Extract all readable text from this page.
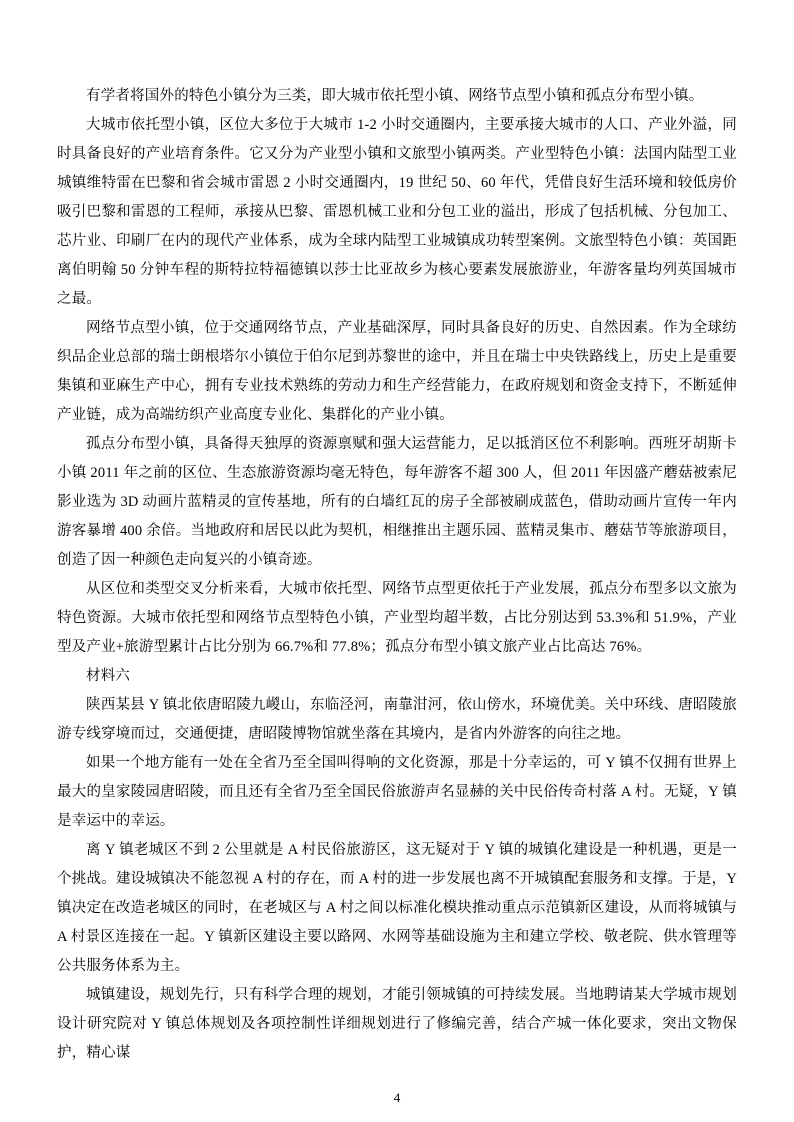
有学者将国外的特色小镇分为三类，即大城市依托型小镇、网络节点型小镇和孤点分布型小镇。

大城市依托型小镇，区位大多位于大城市 1-2 小时交通圈内，主要承接大城市的人口、产业外溢，同时具备良好的产业培育条件。它又分为产业型小镇和文旅型小镇两类。产业型特色小镇：法国内陆型工业城镇维特雷在巴黎和省会城市雷恩 2 小时交通圈内，19 世纪 50、60 年代，凭借良好生活环境和较低房价吸引巴黎和雷恩的工程师，承接从巴黎、雷恩机械工业和分包工业的溢出，形成了包括机械、分包加工、芯片业、印刷厂在内的现代产业体系，成为全球内陆型工业城镇成功转型案例。文旅型特色小镇：英国距离伯明翰 50 分钟车程的斯特拉特福德镇以莎士比亚故乡为核心要素发展旅游业，年游客量均列英国城市之最。

网络节点型小镇，位于交通网络节点，产业基础深厚，同时具备良好的历史、自然因素。作为全球纺织品企业总部的瑞士朗根塔尔小镇位于伯尔尼到苏黎世的途中，并且在瑞士中央铁路线上，历史上是重要集镇和亚麻生产中心，拥有专业技术熟练的劳动力和生产经营能力，在政府规划和资金支持下，不断延伸产业链，成为高端纺织产业高度专业化、集群化的产业小镇。

孤点分布型小镇，具备得天独厚的资源禀赋和强大运营能力，足以抵消区位不利影响。西班牙胡斯卡小镇 2011 年之前的区位、生态旅游资源均毫无特色，每年游客不超 300 人，但 2011 年因盛产蘑菇被索尼影业选为 3D 动画片蓝精灵的宣传基地，所有的白墙红瓦的房子全部被刷成蓝色，借助动画片宣传一年内游客暴增 400 余倍。当地政府和居民以此为契机，相继推出主题乐园、蓝精灵集市、蘑菇节等旅游项目，创造了因一种颜色走向复兴的小镇奇迹。

从区位和类型交叉分析来看，大城市依托型、网络节点型更依托于产业发展，孤点分布型多以文旅为特色资源。大城市依托型和网络节点型特色小镇，产业型均超半数，占比分别达到 53.3%和 51.9%，产业型及产业+旅游型累计占比分别为 66.7%和 77.8%；孤点分布型小镇文旅产业占比高达 76%。

材料六

陕西某县 Y 镇北依唐昭陵九嵕山，东临泾河，南靠泔河，依山傍水，环境优美。关中环线、唐昭陵旅游专线穿境而过，交通便捷，唐昭陵博物馆就坐落在其境内，是省内外游客的向往之地。

如果一个地方能有一处在全省乃至全国叫得响的文化资源，那是十分幸运的，可 Y 镇不仅拥有世界上最大的皇家陵园唐昭陵，而且还有全省乃至全国民俗旅游声名显赫的关中民俗传奇村落 A 村。无疑，Y 镇是幸运中的幸运。

离 Y 镇老城区不到 2 公里就是 A 村民俗旅游区，这无疑对于 Y 镇的城镇化建设是一种机遇，更是一个挑战。建设城镇决不能忽视 A 村的存在，而 A 村的进一步发展也离不开城镇配套服务和支撑。于是，Y 镇决定在改造老城区的同时，在老城区与 A 村之间以标准化模块推动重点示范镇新区建设，从而将城镇与 A 村景区连接在一起。Y 镇新区建设主要以路网、水网等基础设施为主和建立学校、敬老院、供水管理等公共服务体系为主。

城镇建设，规划先行，只有科学合理的规划，才能引领城镇的可持续发展。当地聘请某大学城市规划设计研究院对 Y 镇总体规划及各项控制性详细规划进行了修编完善，结合产城一体化要求，突出文物保护，精心谋

4
